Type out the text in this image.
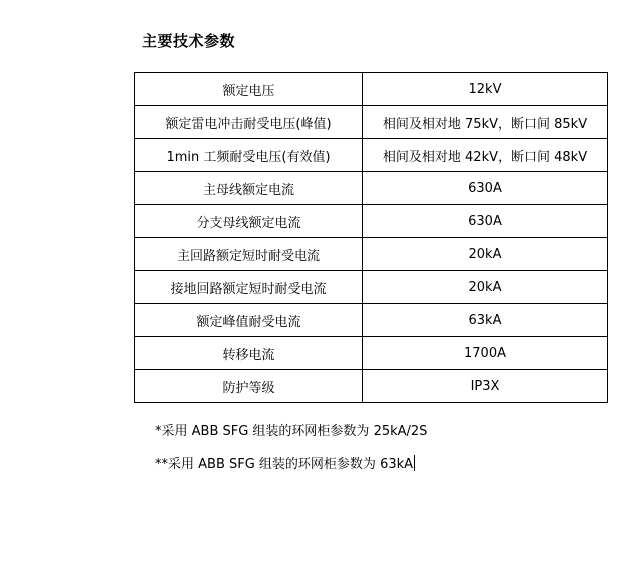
主要技术参数
额定电压	12kV
额定雷电冲击耐受电压(峰值)	相间及相对地 75kV，断口间 85kV
1min 工频耐受电压(有效值)	相间及相对地 42kV，断口间 48kV
主母线额定电流	630A
分支母线额定电流	630A
主回路额定短时耐受电流	20kA
接地回路额定短时耐受电流	20kA
额定峰值耐受电流	63kA
转移电流	1700A
防护等级	IP3X
*采用 ABB SFG 组装的环网柜参数为 25kA/2S
**采用 ABB SFG 组装的环网柜参数为 63kA
